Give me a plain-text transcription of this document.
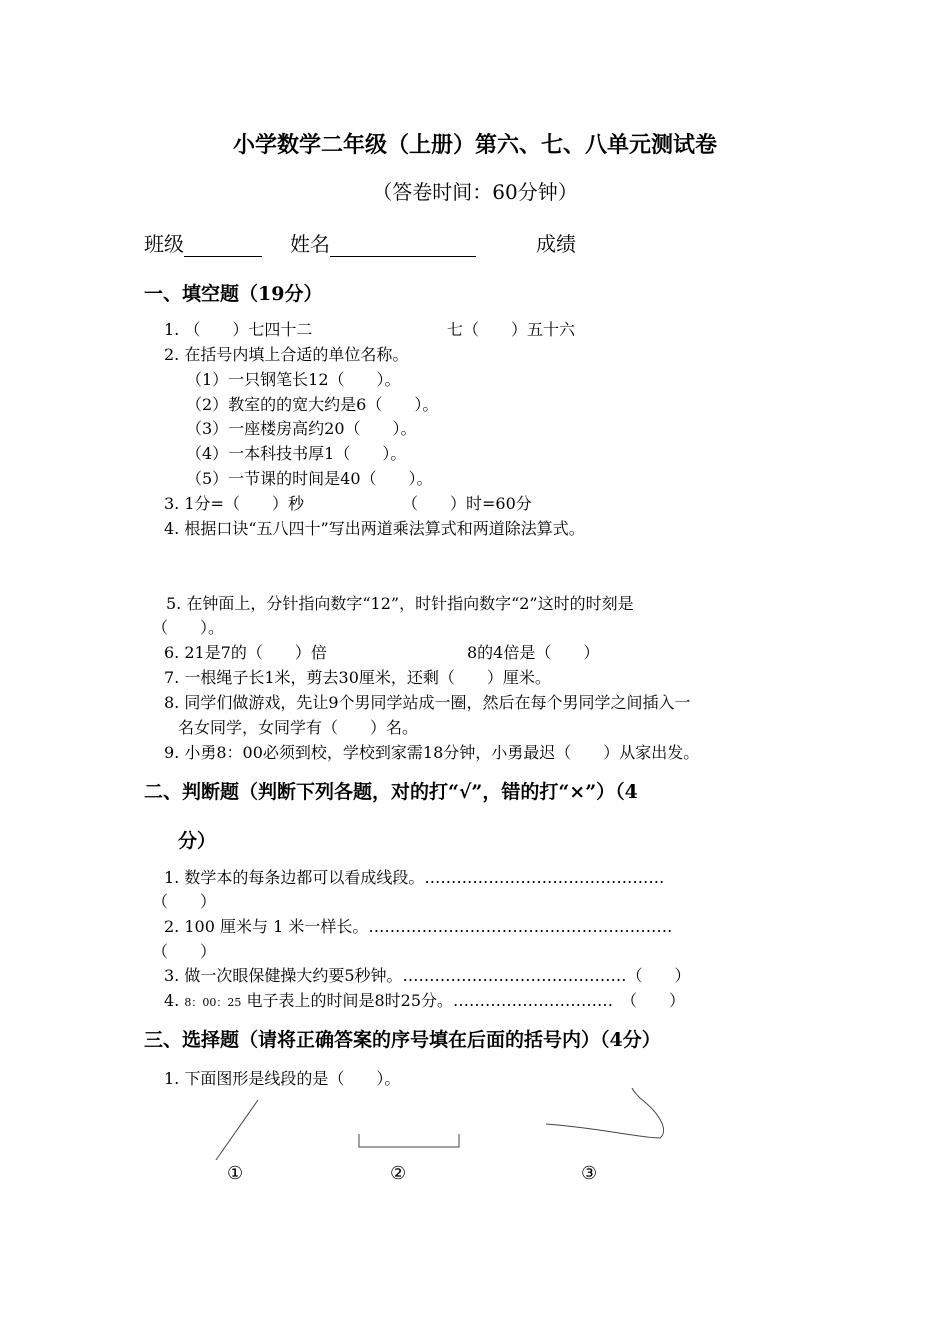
小学数学二年级（上册）第六、七、八单元测试卷
（答卷时间：60分钟）
班级	姓名	成绩
一、填空题（19分）
1. （　　）七四十二	七（　　）五十六
2. 在括号内填上合适的单位名称。
（1）一只钢笔长12（　　）。
（2）教室的的宽大约是6（　　）。
（3）一座楼房高约20（　　）。
（4）一本科技书厚1（　　）。
（5）一节课的时间是40（　　）。
3. 1分=（　　）秒	（　　）时=60分
4. 根据口诀“五八四十”写出两道乘法算式和两道除法算式。
5. 在钟面上，分针指向数字“12”，时针指向数字“2”这时的时刻是
（　　）。
6. 21是7的（　　）倍	8的4倍是（　　）
7. 一根绳子长1米，剪去30厘米，还剩（　　）厘米。
8. 同学们做游戏，先让9个男同学站成一圈，然后在每个男同学之间插入一
名女同学，女同学有（　　）名。
9. 小勇8：00必须到校，学校到家需18分钟，小勇最迟（　　）从家出发。
二、判断题（判断下列各题，对的打“√”，错的打“×”）（4
分）
1. 数学本的每条边都可以看成线段。………………………………………
（　　）
2. 100 厘米与 1 米一样长。…………………………………………………
（　　）
3. 做一次眼保健操大约要5秒钟。……………………………………（　　）
4. 8：00：25 电子表上的时间是8时25分。…………………………　（　　）
三、选择题（请将正确答案的序号填在后面的括号内）（4分）
1. 下面图形是线段的是（　　）。
①	②	③
